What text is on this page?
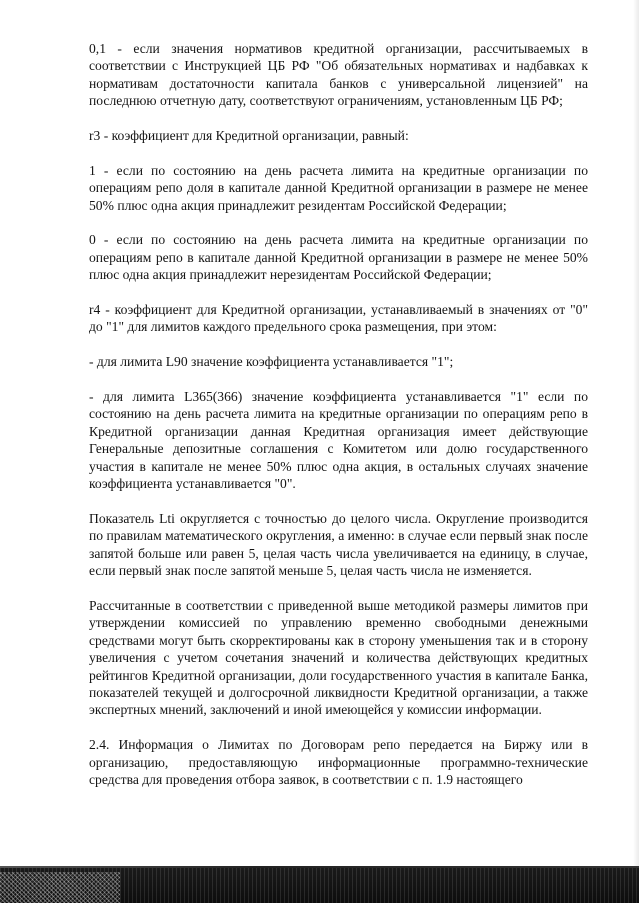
0,1 - если значения нормативов кредитной организации, рассчитываемых в соответствии с Инструкцией ЦБ РФ "Об обязательных нормативах и надбавках к нормативам достаточности капитала банков с универсальной лицензией" на последнюю отчетную дату, соответствуют ограничениям, установленным ЦБ РФ;

r3 - коэффициент для Кредитной организации, равный:

1 - если по состоянию на день расчета лимита на кредитные организации по операциям репо доля в капитале данной Кредитной организации в размере не менее 50% плюс одна акция принадлежит резидентам Российской Федерации;

0 - если по состоянию на день расчета лимита на кредитные организации по операциям репо в капитале данной Кредитной организации в размере не менее 50% плюс одна акция принадлежит нерезидентам Российской Федерации;

r4 - коэффициент для Кредитной организации, устанавливаемый в значениях от "0" до "1" для лимитов каждого предельного срока размещения, при этом:

- для лимита L90 значение коэффициента устанавливается "1";

- для лимита L365(366) значение коэффициента устанавливается "1" если по состоянию на день расчета лимита на кредитные организации по операциям репо в Кредитной организации данная Кредитная организация имеет действующие Генеральные депозитные соглашения с Комитетом или долю государственного участия в капитале не менее 50% плюс одна акция, в остальных случаях значение коэффициента устанавливается "0".

Показатель Lti округляется с точностью до целого числа. Округление производится по правилам математического округления, а именно: в случае если первый знак после запятой больше или равен 5, целая часть числа увеличивается на единицу, в случае, если первый знак после запятой меньше 5, целая часть числа не изменяется.

Рассчитанные в соответствии с приведенной выше методикой размеры лимитов при утверждении комиссией по управлению временно свободными денежными средствами могут быть скорректированы как в сторону уменьшения так и в сторону увеличения с учетом сочетания значений и количества действующих кредитных рейтингов Кредитной организации, доли государственного участия в капитале Банка, показателей текущей и долгосрочной ликвидности Кредитной организации, а также экспертных мнений, заключений и иной имеющейся у комиссии информации.

2.4. Информация о Лимитах по Договорам репо передается на Биржу или в организацию, предоставляющую информационные программно-технические средства для проведения отбора заявок, в соответствии с п. 1.9 настоящего
